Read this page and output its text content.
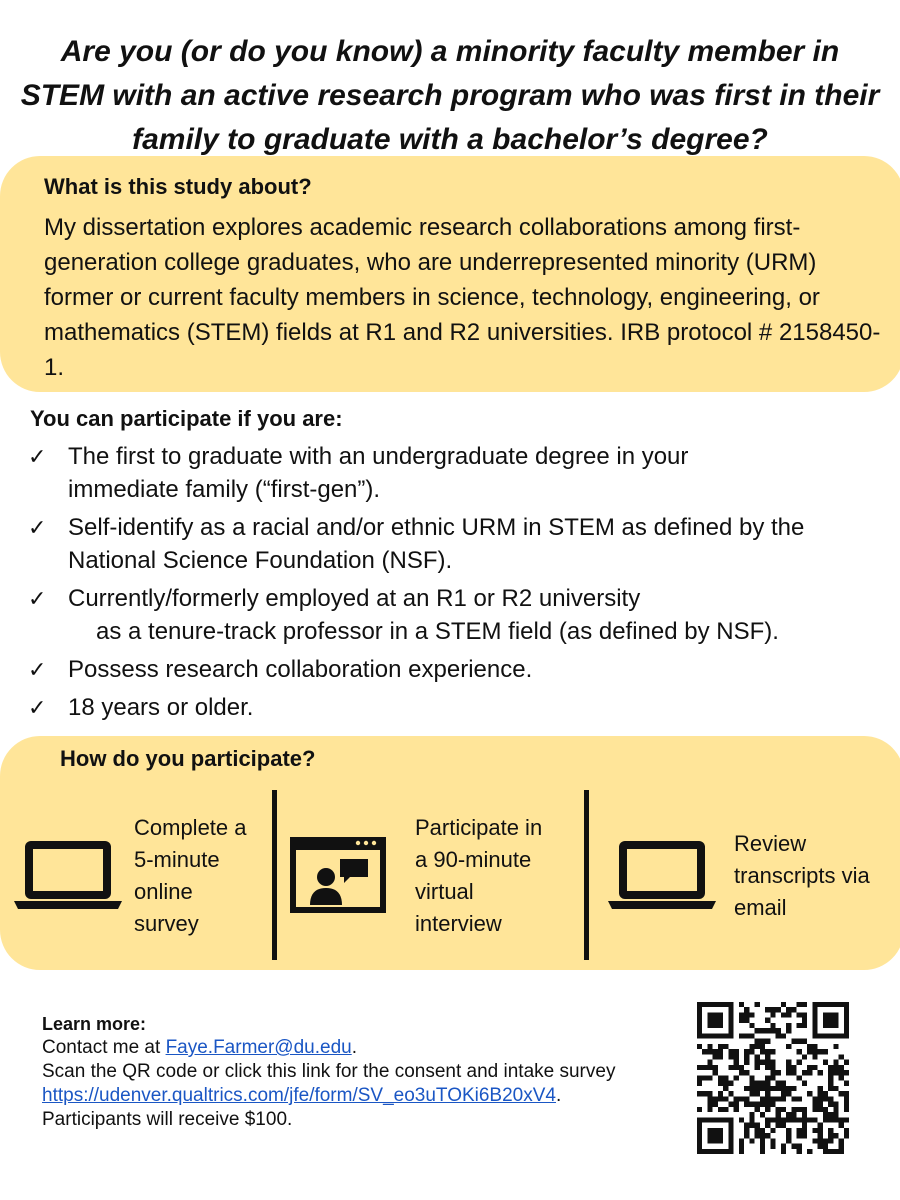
Are you (or do you know) a minority faculty member in STEM with an active research program who was first in their family to graduate with a bachelor’s degree?
What is this study about?
My dissertation explores academic research collaborations among first-generation college graduates, who are underrepresented minority (URM) former or current faculty members in science, technology, engineering, or mathematics (STEM) fields at R1 and R2 universities. IRB protocol # 2158450-1.
You can participate if you are:
✓ The first to graduate with an undergraduate degree in your
immediate family (“first-gen”).
✓ Self-identify as a racial and/or ethnic URM in STEM as defined by the
National Science Foundation (NSF).
✓ Currently/formerly employed at an R1 or R2 university
as a tenure-track professor in a STEM field (as defined by NSF).
✓ Possess research collaboration experience.
✓ 18 years or older.
How do you participate?
Complete a
5-minute
online
survey
Participate in
a 90-minute
virtual
interview
Review
transcripts via
email
Learn more:
Contact me at Faye.Farmer@du.edu.
Scan the QR code or click this link for the consent and intake survey
https://udenver.qualtrics.com/jfe/form/SV_eo3uTOKi6B20xV4.
Participants will receive $100.
